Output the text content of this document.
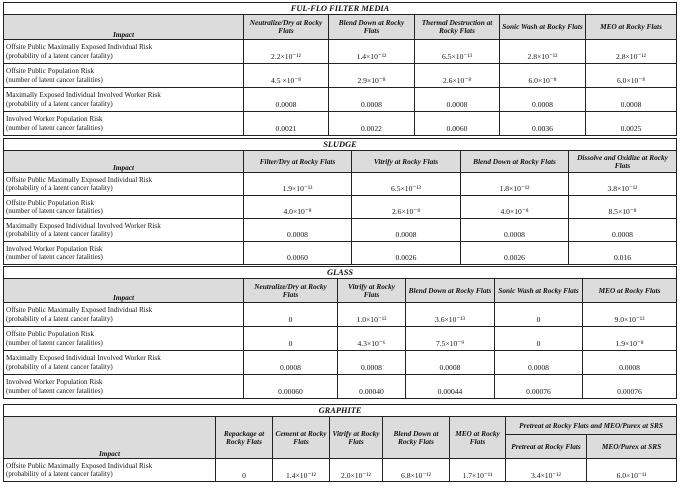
FUL-FLO FILTER MEDIA					
Impact	Neutralize/Dry at Rocky Flats	Blend Down at Rocky Flats	Thermal Destruction at Rocky Flats	Sonic Wash at Rocky Flats	MEO at Rocky Flats
Offsite Public Maximally Exposed Individual Risk
(probability of a latent cancer fatality)	2.2×10⁻¹²	1.4×10⁻¹²	6.5×10⁻¹³	2.8×10⁻¹²	2.8×10⁻¹²
Offsite Public Population Risk
(number of latent cancer fatalities)	4.5 ×10⁻⁸	2.9×10⁻⁸	2.6×10⁻⁸	6.0×10⁻⁸	6.0×10⁻⁸
Maximally Exposed Individual Involved Worker Risk
(probability of a latent cancer fatality)	0.0008	0.0008	0.0008	0.0008	0.0008
Involved Worker Population Risk
(number of latent cancer fatalities)	0.0021	0.0022	0.0060	0.0036	0.0025
SLUDGE				
Impact	Filter/Dry at Rocky Flats	Vitrify at Rocky Flats	Blend Down at Rocky Flats	Dissolve and Oxidize at Rocky Flats
Offsite Public Maximally Exposed Individual Risk
(probability of a latent cancer fatality)	1.9×10⁻¹²	6.5×10⁻¹³	1.8×10⁻¹²	3.8×10⁻¹²
Offsite Public Population Risk
(number of latent cancer fatalities)	4.0×10⁻⁸	2.6×10⁻⁸	4.0×10⁻⁸	8.5×10⁻⁸
Maximally Exposed Individual Involved Worker Risk
(probability of a latent cancer fatality)	0.0008	0.0008	0.0008	0.0008
Involved Worker Population Risk
(number of latent cancer fatalities)	0.0060	0.0026	0.0026	0.016
GLASS					
Impact	Neutralize/Dry at Rocky Flats	Vitrify at Rocky Flats	Blend Down at Rocky Flats	Sonic Wash at Rocky Flats	MEO at Rocky Flats
Offsite Public Maximally Exposed Individual Risk
(probability of a latent cancer fatality)	0	1.0×10⁻¹³	3.6×10⁻¹³	0	9.0×10⁻¹³
Offsite Public Population Risk
(number of latent cancer fatalities)	0	4.3×10⁻⁶	7.5×10⁻⁹	0	1.9×10⁻⁸
Maximally Exposed Individual Involved Worker Risk
(probability of a latent cancer fatality)	0.0008	0.0008	0.0008	0.0008	0.0008
Involved Worker Population Risk
(number of latent cancer fatalities)	0.00060	0.00040	0.00044	0.00076	0.00076
GRAPHITE							
Impact	Repackage at Rocky Flats	Cement at Rocky Flats	Vitrify at Rocky Flats	Blend Down at Rocky Flats	MEO at Rocky Flats	Pretreat at Rocky Flats and MEO/Purex at SRS	
						Pretreat at Rocky Flats	MEO/Purex at SRS
Offsite Public Maximally Exposed Individual Risk
(probability of a latent cancer fatality)	0	1.4×10⁻¹²	2.0×10⁻¹²	6.8×10⁻¹²	1.7×10⁻¹¹	3.4×10⁻¹²	6.0×10⁻¹¹
